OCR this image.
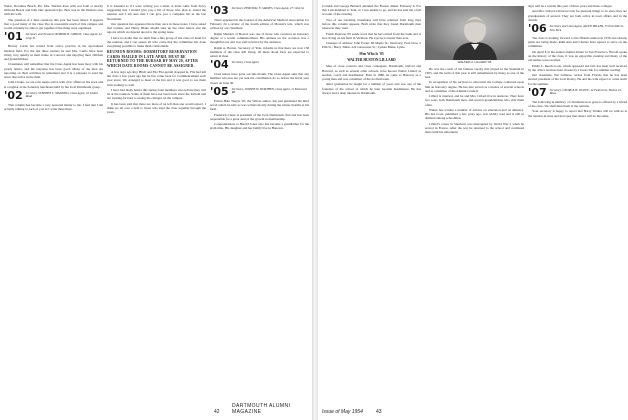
Weiss. Dorothea Beach, Pla. Mrs. Warden lives with son John at nearby Ormond Beach and both take pleasant trips. Bert was in the Deltona area with his wife.

The question of a June round-up this year has been raised. It appears that a good many of the class live in reasonable reach of this campus and would certainly be able to get together if the thing were organized.

'01 Secretary and Treasurer ROBERT B. GIBSON, Class Agent, 44 Gray St.

Hervey Curtis has retired from active practice in his specialized medical field. For the last three winters he and Mrs. Curtis have been living very quietly in their home in Concord and enjoying their children and grandchildren.

Classmates will remember that the Class Agent has been busy with his yearly letters, and the response has been good. Many of the men are reporting on their activities in retirement and it is a pleasure to read the notes that arrive in the mail.

John Clarke, we are told, keeps active with civic affairs in his town and is a regular at the Saturday luncheons held by the local Dartmouth group.

'02 Secretary, STEPHEN L. MANNING, Class Agent, 16 Linden Road

This column has become a very personal matter to me. I feel that I am actually talking to each of you as I write these lines.

It is founded as if I were writing you a letter. A letter came from Percy suggesting that I should give you a list of those who plan to attend the reunion and I am sure that I can give you a complete list in the last Newsletter.

Our question has appeared more than once in these notes. I have asked that Lyman, and Henry Blake should take up the class letters and the reports which we depend upon for the spring issue.

I have no doubt that we shall find a fine group of the class on hand for the reunion, and I can assure all who come that the committee has done everything possible to make them comfortable.

REUNION ROOMS: DORMITORY RESERVATION CARDS MAILED IN LATE APRIL MUST BE RETURNED TO THE BURSAR BY MAY 20, AFTER WHICH DATE ROOMS CANNOT BE ASSIGNED.

A few days ago Roy Hitch and Fitz Fitz-gerald dropped in. Fitz had left the class a few years ago but he has come back for Commencement each year since. We arranged to meet at the Inn and it was good to see them both looking so well.

I have had many letters this spring from members who tell me they will be at the reunion. Some of them have not been back since the fortieth and are looking forward to seeing the changes on the campus.

It has been said that there are more of us left than one would expect. I think we all owe a debt to those who kept the class together through the years.

'03 Secretary, PERCIVAL F. GRAVES, Class Agent, 27 Clark St.

There appeared in the Journal of the American Medical Association for February 24 a review of the fourth edition of Mouret's text, which was written by our classmate.

Ralph Sheldon of Boston was one of those who received an honorary degree at a recent commencement. His address on the occasion was a thoughtful one and was well received by the audience.

Ralph A. Barton, Secretary of Yale, informs us that there are now 136 members of the class still living. Of these about forty are expected to return in June.

'04 Secretary, Class Agent

Class letters have gone out this month. The Class Agent asks that any member who has not yet sent his contribution do so before the fiscal year closes on June 30.

'05 Secretary, JOSEPH W. WORTHEN, Class Agent, 11 Eastwood Rd.

Edwin Hale Thayer '05, the Wilton author, has just published his third novel which he tells us was written mostly during the winter months at his farm.

Frederick Chase is president of the local Dartmouth club and has been responsible for a great deal of the growth in membership.

Congratulations to Harold Jones who has become a grandfather for the sixth time. His daughter and her family live in Hanover.

42
DARTMOUTH ALUMNI MAGAZINE

Cornish and George Bernard attended the Boston dinner February 6. For this I am indebted to Tom, as I was unable to go, and he has sent me a full account of the evening.

Two of our traveling classmates will have returned from long trips before this column appears. Both write that they found Dartmouth men wherever they went.

Frank Peterson '05 sends word that he has retired from the bank and is now living on his farm in Vermont. He says he is busier than ever.

Changes of address: John Porter, 80 Maple St., Newbury; Fred Dow, 5 Elm St.; Harry Tuttle, 222 Gloucester St.; Lyman Blake, Lyme.

Men Who Is '05

WALTER HUSTON LILLARD

Men of close contacts and close colleagues, Dartmouth, Oxford and Harvard, as well as several other schools, have known Walter Lillard as teacher, coach and headmaster. Born in 1880, he came to Hanover as a young man and was a member of the football team.

After graduation he taught for a number of years and was one of the founders of the school of which he later became headmaster. He has always had a deep interest in Dartmouth.

WALTER H. LILLARD '05

He was the coach of the famous varsity that played in the Stadium in 1905, and the team of that year is still remembered by many as one of the best.

In recognition of his services to education the College conferred upon him an honorary degree. He has also served as a trustee of several schools and as a member of the Alumni Council.

Lillard is married, and he and Mrs. Lillard live in Andover. They have two sons, both Dartmouth men, and several grandchildren who visit them often.

Walter has written a number of articles on education and on athletics. His last book, published a few years ago, was widely read and is still in demand among schoolmen.

Lillard's career in Sherborn was interrupted by World War I, when he served in France. After the war he returned to the school and continued there until his retirement.

days will be a certain this year of three years and three colleges.

And Mrs. Lillard will never lack for pleasant things to do since they are grandparents of several. They are both active in town affairs and in the church.

'06 Secretary and Class Agent, ALLEN MILLER, 55 East 99th St., New York

The class is looking forward to the fiftieth reunion in 1956 and already plans are being made. Ruth Ann and Charles have agreed to serve on the committee.

On April 8 at the annual alumni dinner in San Francisco, Harold spoke on the history of the class. It was an enjoyable evening and many of the old names were recalled.

Emily L. Reed's book, which appeared last fall, has been well received by the critics and has been chosen by a book club for summer reading.

Our classmate, Nat Gilmore, writes from Florida that he has been elected president of the local Rotary. He and his wife expect to come north for the summer.

'07 Secretary, GEORGE H. WOLFE, 44 Federal St., Boston 10, Mass.

The following in memory of classmates now gone is offered by a friend of the class. We shall miss them at the reunion.

Your secretary is happy to report that Harry Walker will be with us at the reunion in June and he hopes that others will do the same.

Issue of May 1954	43
